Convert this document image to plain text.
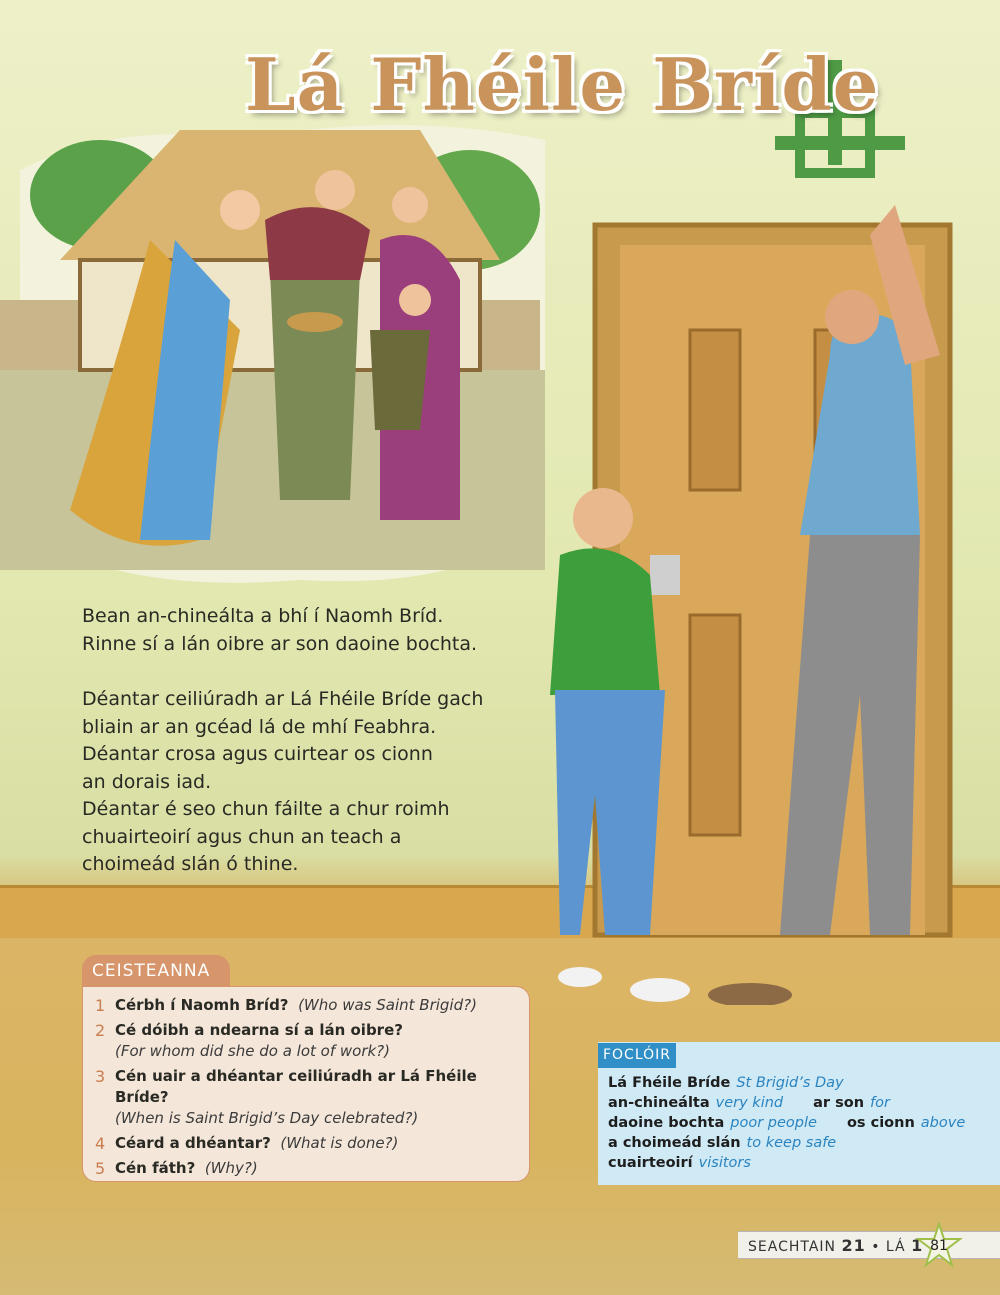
Lá Fhéile Bríde

Bean an-chineálta a bhí í Naomh Bríd.

Rinne sí a lán oibre ar son daoine bochta.

Déantar ceiliúradh ar Lá Fhéile Bríde gach

bliain ar an gcéad lá de mhí Feabhra.

Déantar crosa agus cuirtear os cionn

an dorais iad.

Déantar é seo chun fáilte a chur roimh

chuairteoirí agus chun an teach a

choimeád slán ó thine.

CEISTEANNA
1 Cérbh í Naomh Bríd? (Who was Saint Brigid?)
2 Cé dóibh a ndearna sí a lán oibre?
(For whom did she do a lot of work?)
3 Cén uair a dhéantar ceiliúradh ar Lá Fhéile Bríde?
(When is Saint Brigid’s Day celebrated?)
4 Céard a dhéantar? (What is done?)
5 Cén fáth? (Why?)
FOCLÓIR
Lá Fhéile Bríde St Brigid’s Day
an-chineálta very kind ar son for
daoine bochta poor people os cionn above
a choimeád slán to keep safe
cuairteoirí visitors
SEACHTAIN 21 • LÁ 1 81
